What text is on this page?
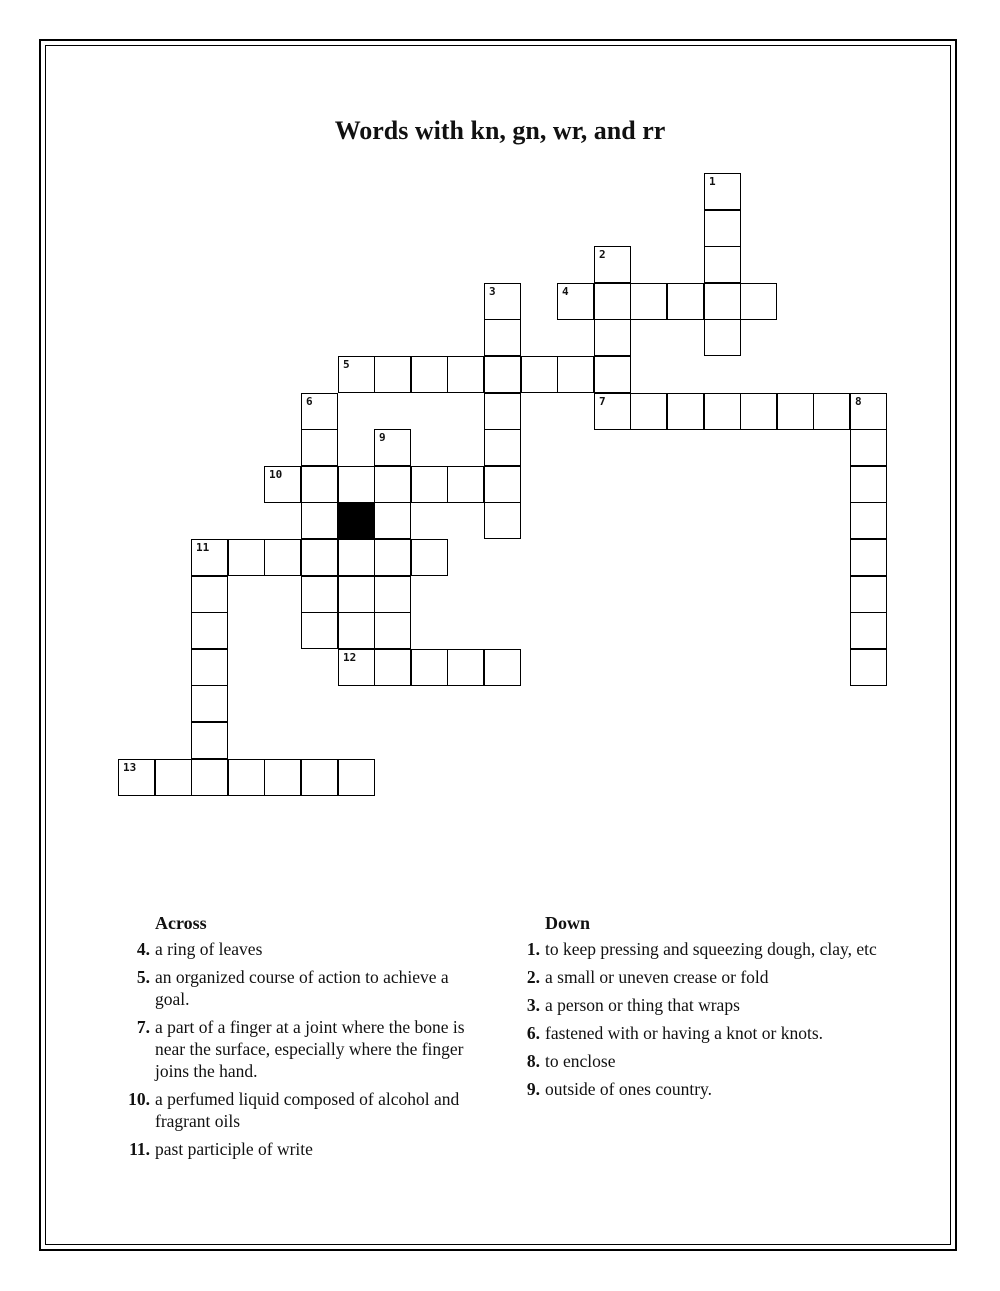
Words with kn, gn, wr, and rr
1
2
3	4
5
6	7	8
9
10
11
12
13
Across
4. a ring of leaves
5. an organized course of action to achieve a goal.
7. a part of a finger at a joint where the bone is near the surface, especially where the finger joins the hand.
10. a perfumed liquid composed of alcohol and fragrant oils
11. past participle of write
Down
1. to keep pressing and squeezing dough, clay, etc
2. a small or uneven crease or fold
3. a person or thing that wraps
6. fastened with or having a knot or knots.
8. to enclose
9. outside of ones country.
